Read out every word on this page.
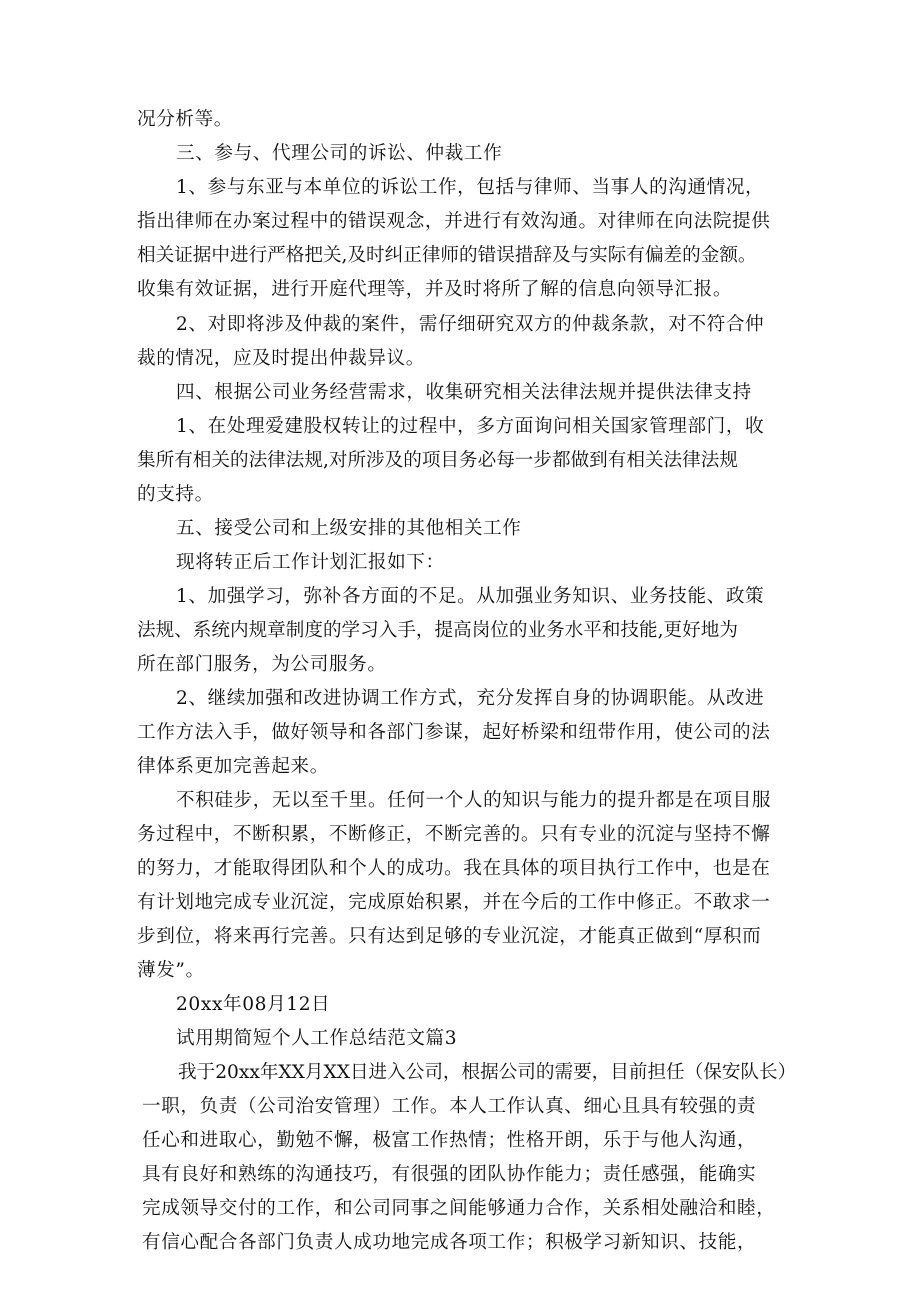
况分析等。
三、参与、代理公司的诉讼、仲裁工作
1、参与东亚与本单位的诉讼工作，包括与律师、当事人的沟通情况，
指出律师在办案过程中的错误观念，并进行有效沟通。对律师在向法院提供
相关证据中进行严格把关,及时纠正律师的错误措辞及与实际有偏差的金额。
收集有效证据，进行开庭代理等，并及时将所了解的信息向领导汇报。
2、对即将涉及仲裁的案件，需仔细研究双方的仲裁条款，对不符合仲
裁的情况，应及时提出仲裁异议。
四、根据公司业务经营需求，收集研究相关法律法规并提供法律支持
1、在处理爱建股权转让的过程中，多方面询问相关国家管理部门，收
集所有相关的法律法规,对所涉及的项目务必每一步都做到有相关法律法规
的支持。
五、接受公司和上级安排的其他相关工作
现将转正后工作计划汇报如下：
1、加强学习，弥补各方面的不足。从加强业务知识、业务技能、政策
法规、系统内规章制度的学习入手，提高岗位的业务水平和技能,更好地为
所在部门服务，为公司服务。
2、继续加强和改进协调工作方式，充分发挥自身的协调职能。从改进
工作方法入手，做好领导和各部门参谋，起好桥梁和纽带作用，使公司的法
律体系更加完善起来。
不积硅步，无以至千里。任何一个人的知识与能力的提升都是在项目服
务过程中，不断积累，不断修正，不断完善的。只有专业的沉淀与坚持不懈
的努力，才能取得团队和个人的成功。我在具体的项目执行工作中，也是在
有计划地完成专业沉淀，完成原始积累，并在今后的工作中修正。不敢求一
步到位，将来再行完善。只有达到足够的专业沉淀，才能真正做到“厚积而
薄发”。
20xx年08月12日
试用期简短个人工作总结范文篇3
我于20xx年XX月XX日进入公司，根据公司的需要，目前担任（保安队长）
一职，负责（公司治安管理）工作。本人工作认真、细心且具有较强的责
任心和进取心，勤勉不懈，极富工作热情；性格开朗，乐于与他人沟通，
具有良好和熟练的沟通技巧，有很强的团队协作能力；责任感强，能确实
完成领导交付的工作，和公司同事之间能够通力合作，关系相处融洽和睦，
有信心配合各部门负责人成功地完成各项工作；积极学习新知识、技能，
